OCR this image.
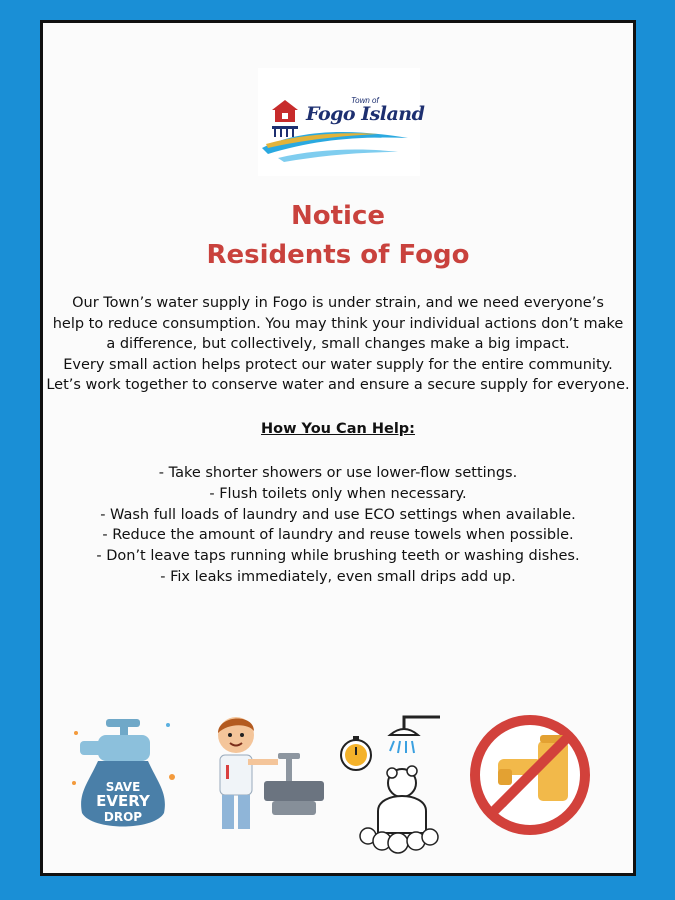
Town of
Fogo Island
Notice
Residents of Fogo
Our Town’s water supply in Fogo is under strain, and we need everyone’s
help to reduce consumption. You may think your individual actions don’t make
a difference, but collectively, small changes make a big impact.
Every small action helps protect our water supply for the entire community.
Let’s work together to conserve water and ensure a secure supply for everyone.
How You Can Help:
- Take shorter showers or use lower-flow settings.
- Flush toilets only when necessary.
- Wash full loads of laundry and use ECO settings when available.
- Reduce the amount of laundry and reuse towels when possible.
- Don’t leave taps running while brushing teeth or washing dishes.
- Fix leaks immediately, even small drips add up.
SAVE
EVERY
DROP
